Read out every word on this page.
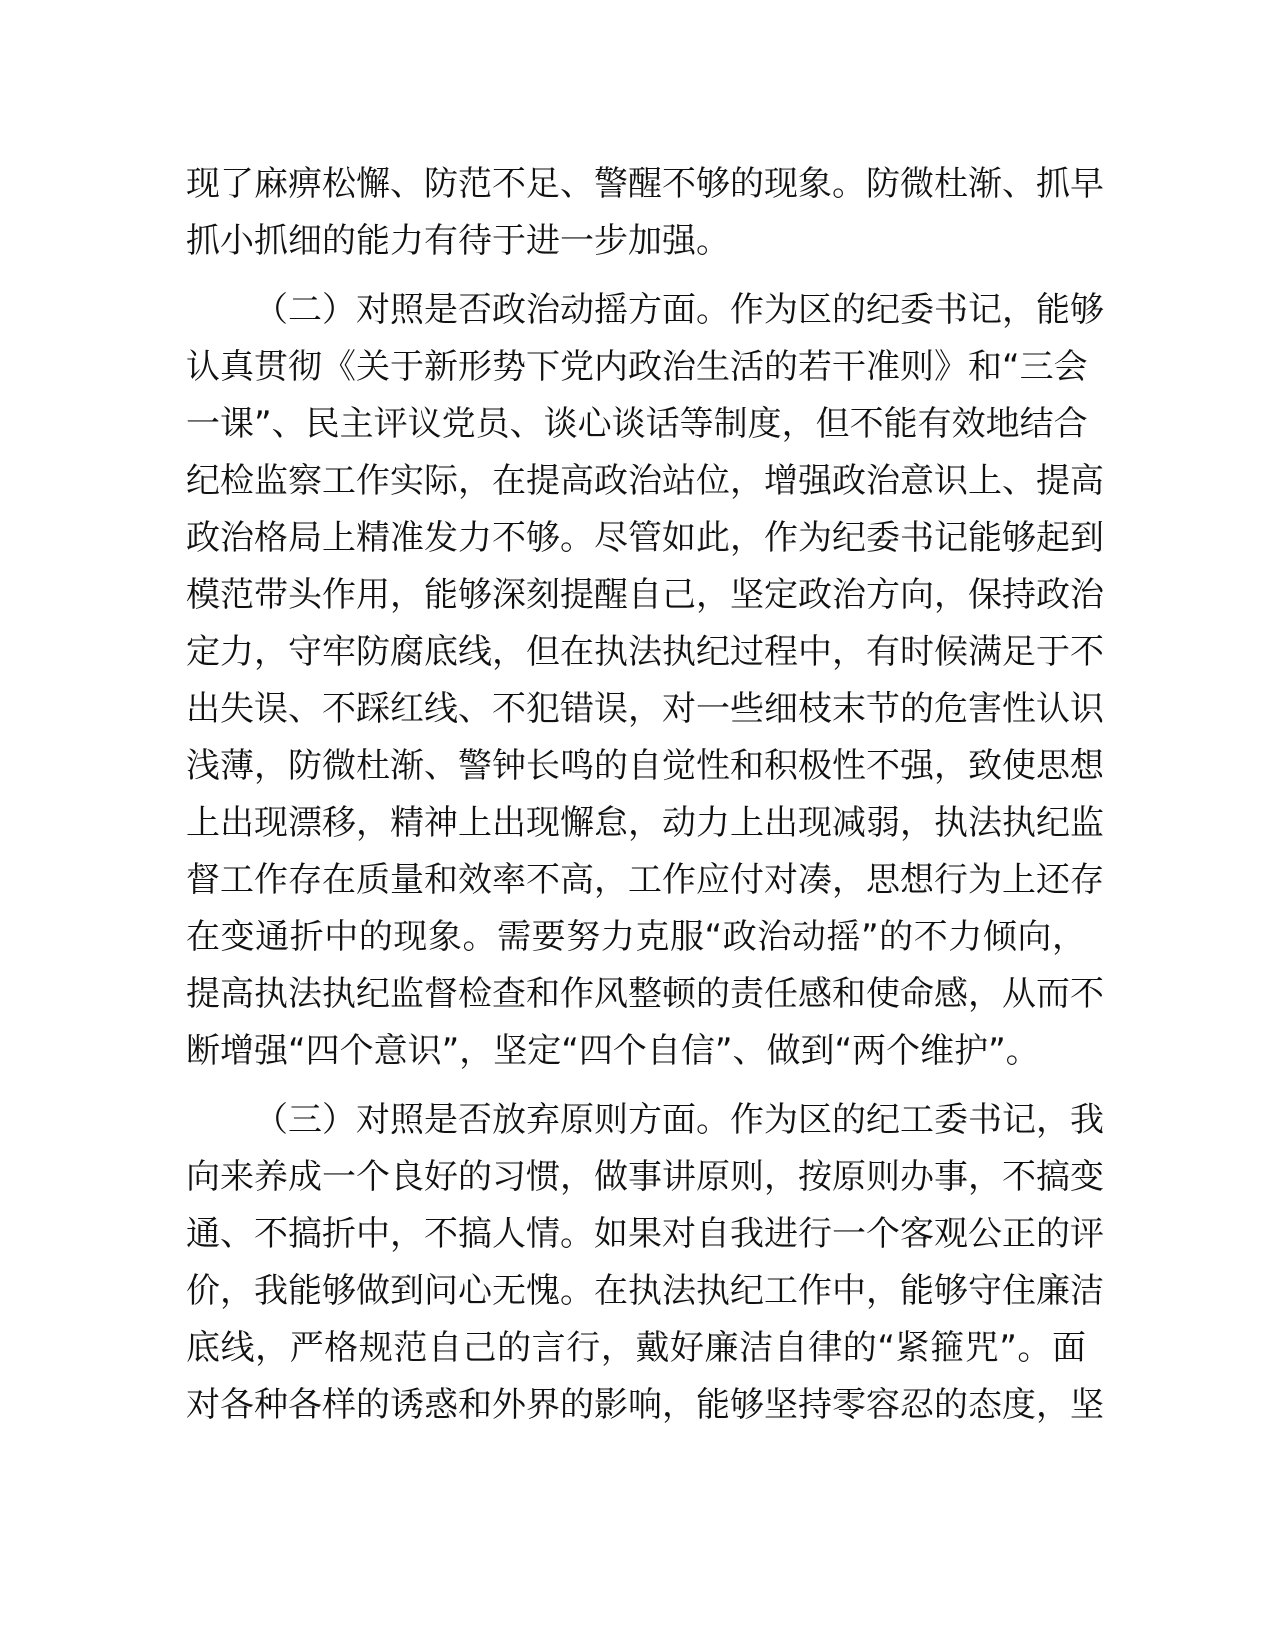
现了麻痹松懈、防范不足、警醒不够的现象。防微杜渐、抓早
抓小抓细的能力有待于进一步加强。

（二）对照是否政治动摇方面。作为区的纪委书记，能够
认真贯彻《关于新形势下党内政治生活的若干准则》和“三会
一课”、民主评议党员、谈心谈话等制度，但不能有效地结合
纪检监察工作实际，在提高政治站位，增强政治意识上、提高
政治格局上精准发力不够。尽管如此，作为纪委书记能够起到
模范带头作用，能够深刻提醒自己，坚定政治方向，保持政治
定力，守牢防腐底线，但在执法执纪过程中，有时候满足于不
出失误、不踩红线、不犯错误，对一些细枝末节的危害性认识
浅薄，防微杜渐、警钟长鸣的自觉性和积极性不强，致使思想
上出现漂移，精神上出现懈怠，动力上出现减弱，执法执纪监
督工作存在质量和效率不高，工作应付对凑，思想行为上还存
在变通折中的现象。需要努力克服“政治动摇”的不力倾向，
提高执法执纪监督检查和作风整顿的责任感和使命感，从而不
断增强“四个意识”，坚定“四个自信”、做到“两个维护”。

（三）对照是否放弃原则方面。作为区的纪工委书记，我
向来养成一个良好的习惯，做事讲原则，按原则办事，不搞变
通、不搞折中，不搞人情。如果对自我进行一个客观公正的评
价，我能够做到问心无愧。在执法执纪工作中，能够守住廉洁
底线，严格规范自己的言行，戴好廉洁自律的“紧箍咒”。面
对各种各样的诱惑和外界的影响，能够坚持零容忍的态度，坚
